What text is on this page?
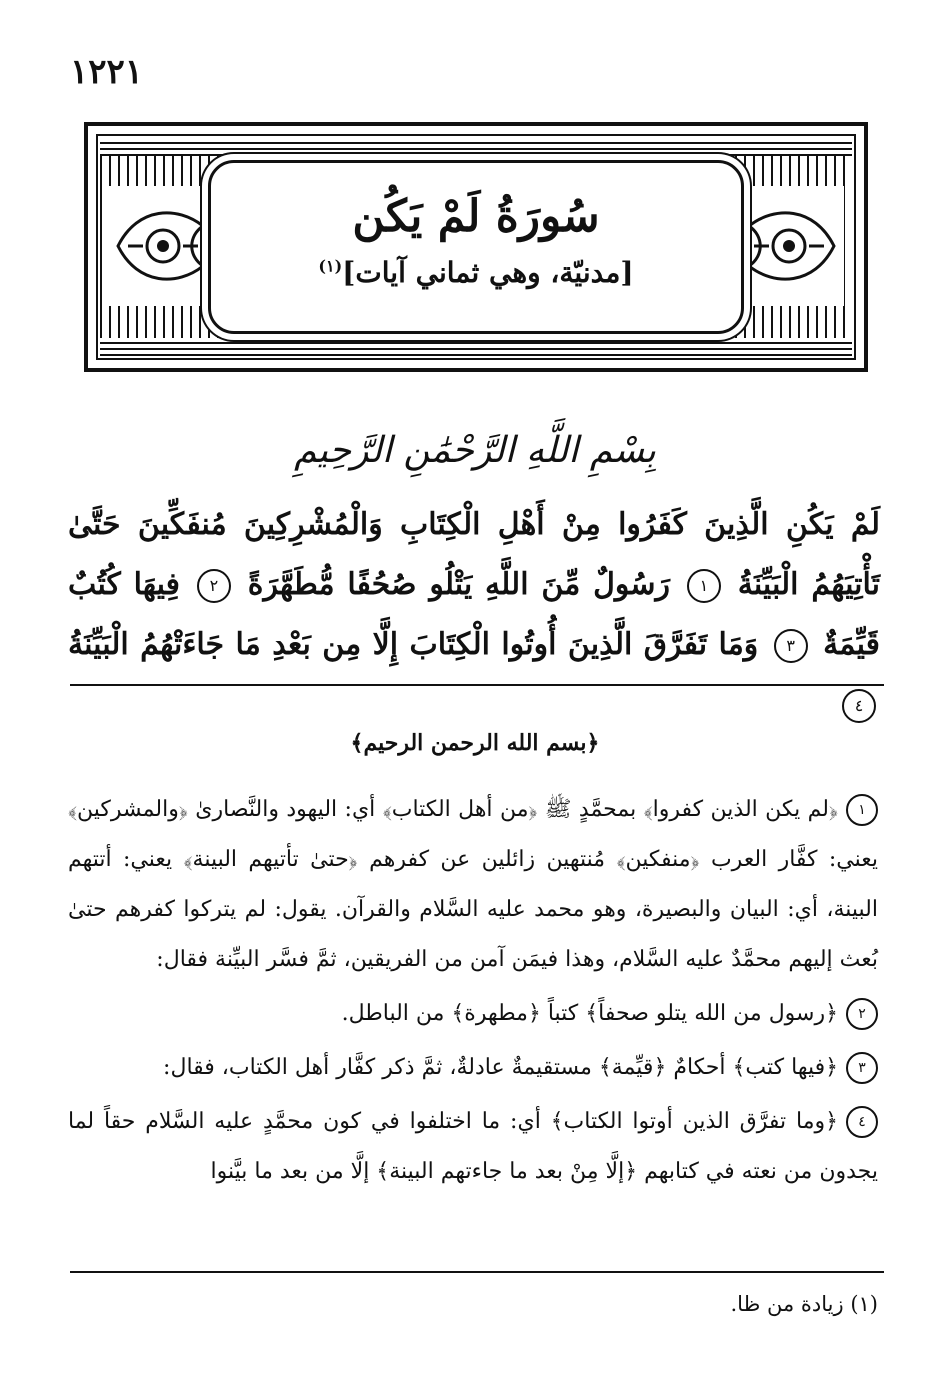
١٢٢١
سُورَةُ لَمْ يَكُن
[مدنيّة، وهي ثماني آيات]$^{(١)}$
بِسْمِ اللَّهِ الرَّحْمَٰنِ الرَّحِيمِ
لَمْ يَكُنِ الَّذِينَ كَفَرُوا مِنْ أَهْلِ الْكِتَابِ وَالْمُشْرِكِينَ مُنفَكِّينَ حَتَّىٰ تَأْتِيَهُمُ الْبَيِّنَةُ ١ رَسُولٌ مِّنَ اللَّهِ يَتْلُو صُحُفًا مُّطَهَّرَةً ٢ فِيهَا كُتُبٌ قَيِّمَةٌ ٣ وَمَا تَفَرَّقَ الَّذِينَ أُوتُوا الْكِتَابَ إِلَّا مِن بَعْدِ مَا جَاءَتْهُمُ الْبَيِّنَةُ ٤
﴿بسم الله الرحمن الرحيم﴾
١﴿لم يكن الذين كفروا﴾ بمحمَّدٍ ﷺ ﴿من أهل الكتاب﴾ أي: اليهود والنَّصارىٰ ﴿والمشركين﴾ يعني: كفَّار العرب ﴿منفكين﴾ مُنتهين زائلين عن كفرهم ﴿حتىٰ تأتيهم البينة﴾ يعني: أتتهم البينة، أي: البيان والبصيرة، وهو محمد عليه السَّلام والقرآن. يقول: لم يتركوا كفرهم حتىٰ بُعث إليهم محمَّدٌ عليه السَّلام، وهذا فيمَن آمن من الفريقين، ثمَّ فسَّر البيِّنة فقال:
٢﴿رسول من الله يتلو صحفاً﴾ كتباً ﴿مطهرة﴾ من الباطل.
٣﴿فيها كتب﴾ أحكامٌ ﴿قيِّمة﴾ مستقيمةٌ عادلةٌ، ثمَّ ذكر كفَّار أهل الكتاب، فقال:
٤﴿وما تفرَّق الذين أوتوا الكتاب﴾ أي: ما اختلفوا في كون محمَّدٍ عليه السَّلام حقاً لما يجدون من نعته في كتابهم ﴿إلَّا مِنْ بعد ما جاءتهم البينة﴾ إلَّا من بعد ما بيَّنوا
(١) زيادة من ظا.
